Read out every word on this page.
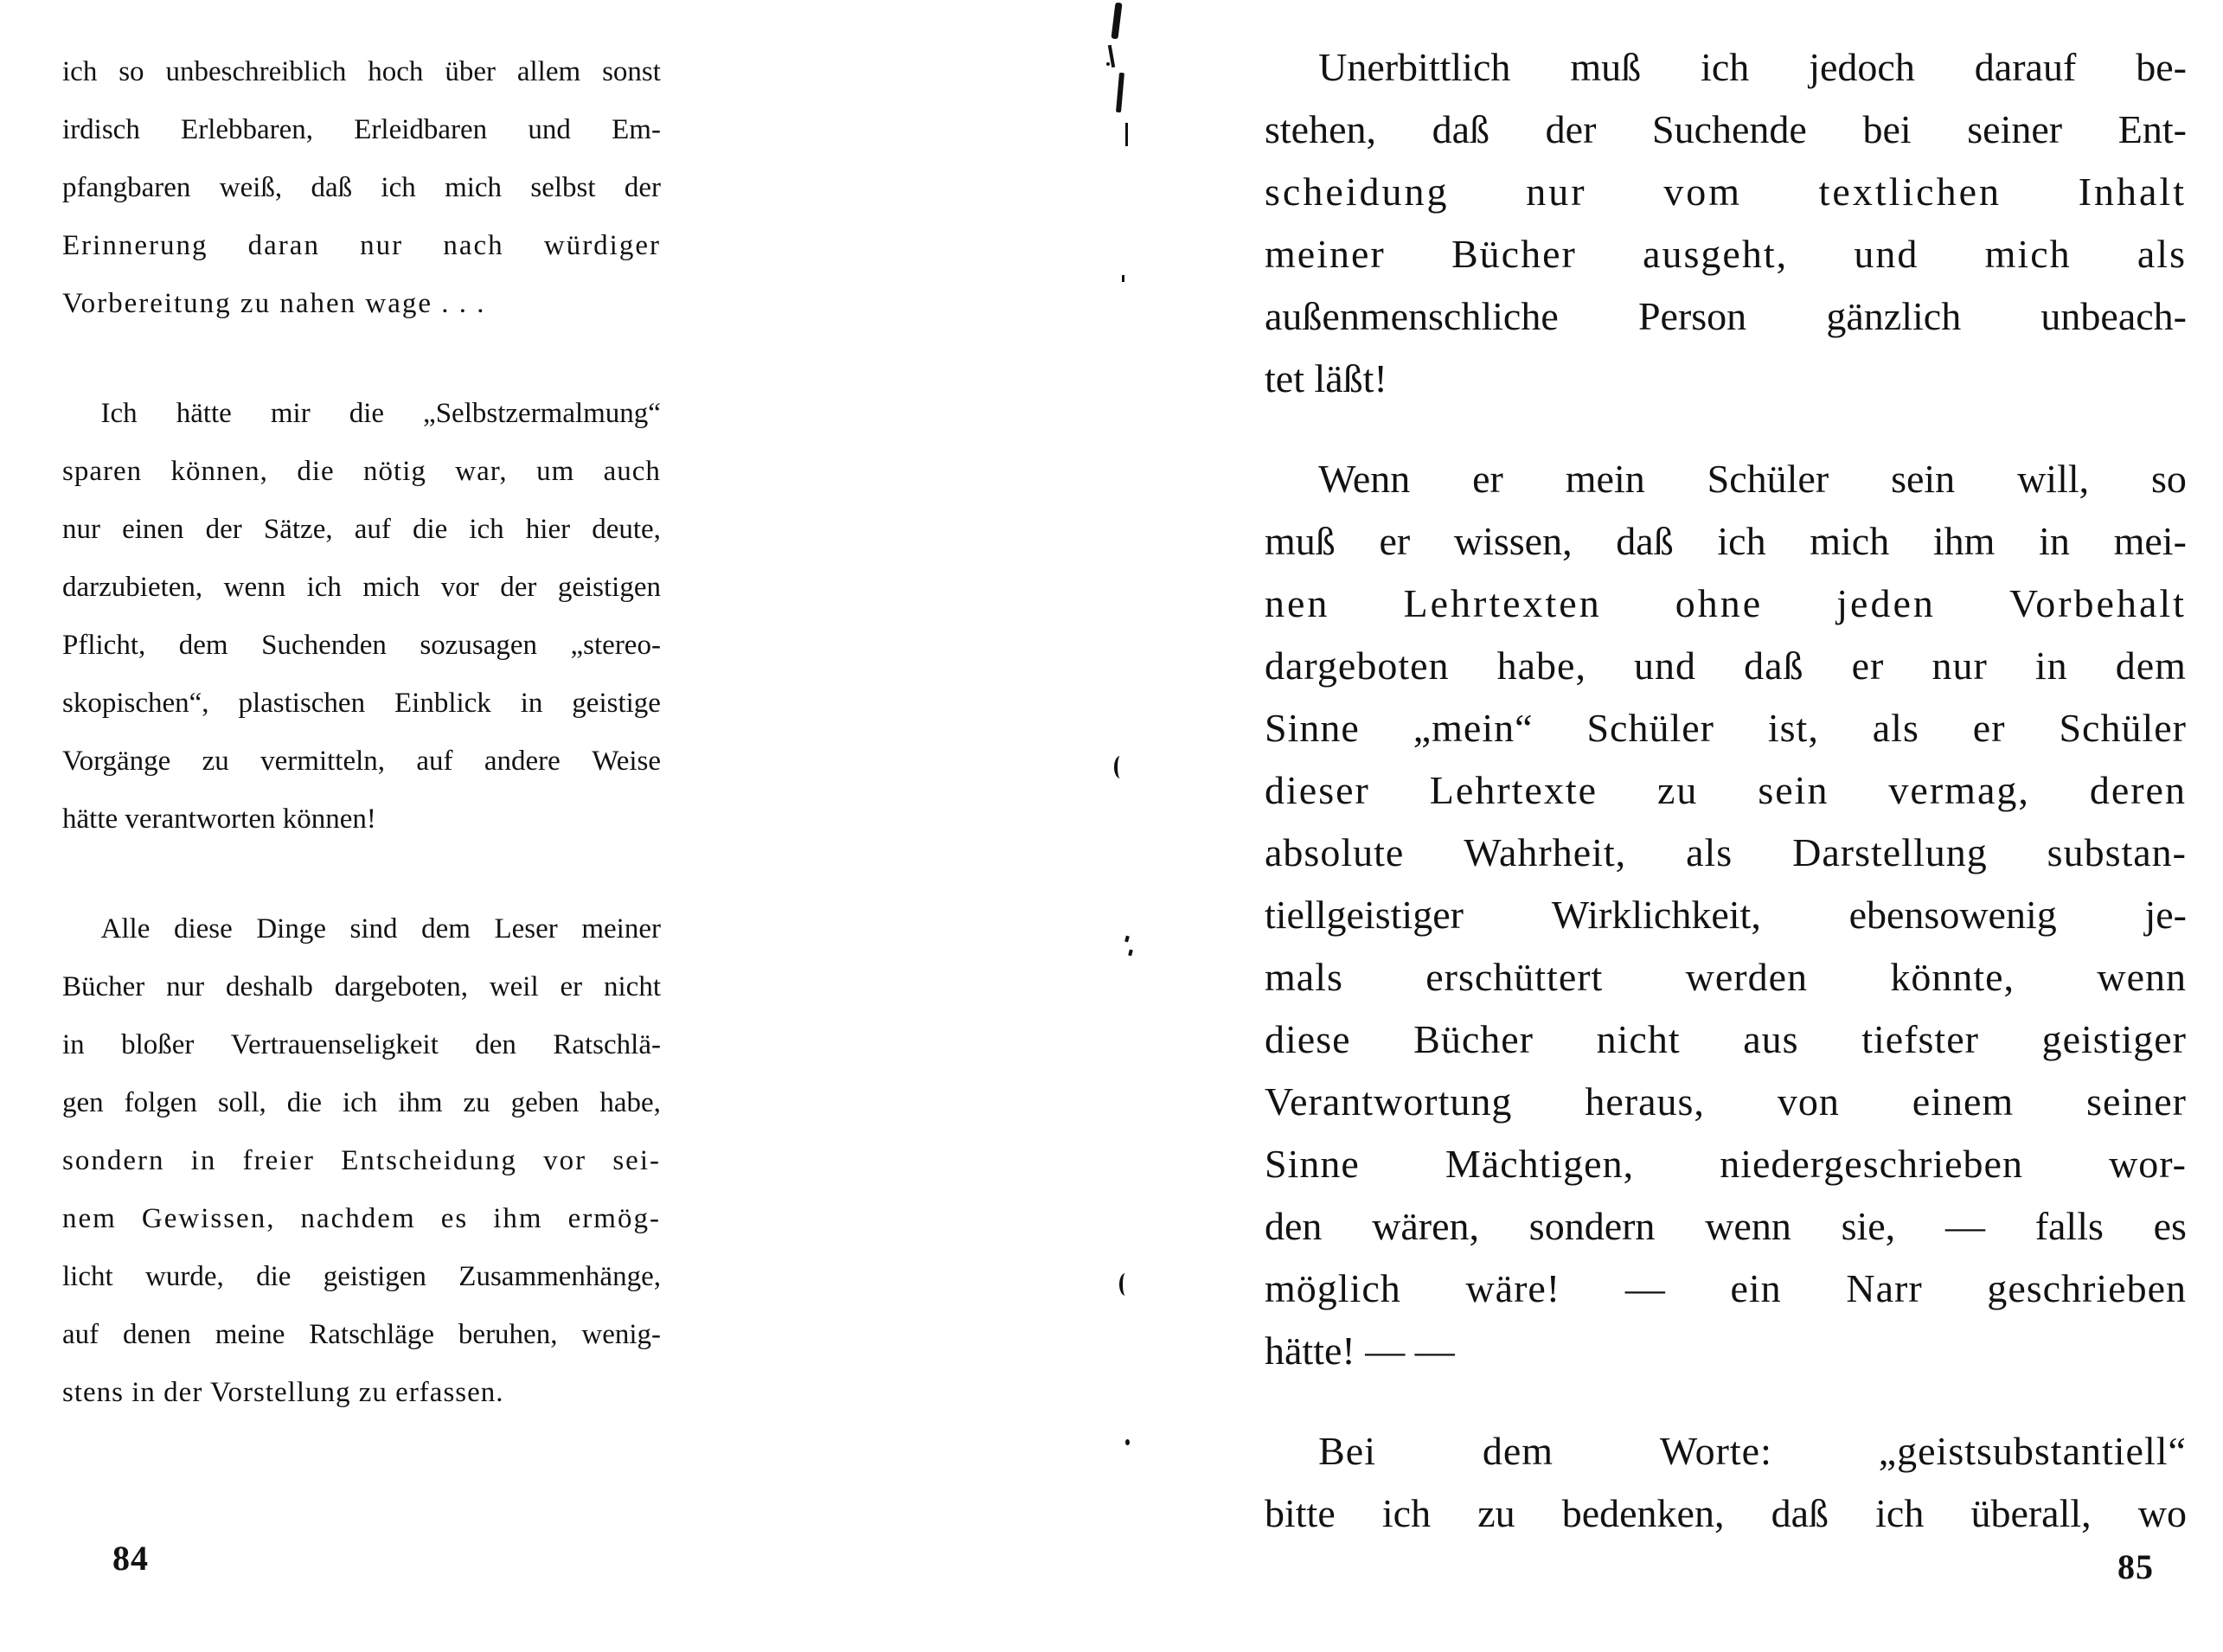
ich so unbeschreiblich hoch über allem sonst
irdisch Erlebbaren, Erleidbaren und Em-
pfangbaren weiß, daß ich mich selbst der
Erinnerung daran nur nach würdiger
Vorbereitung zu nahen wage . . .
Ich hätte mir die „Selbstzermalmung“
sparen können, die nötig war, um auch
nur einen der Sätze, auf die ich hier deute,
darzubieten, wenn ich mich vor der geistigen
Pflicht, dem Suchenden sozusagen „stereo-
skopischen“, plastischen Einblick in geistige
Vorgänge zu vermitteln, auf andere Weise
hätte verantworten können!
Alle diese Dinge sind dem Leser meiner
Bücher nur deshalb dargeboten, weil er nicht
in bloßer Vertrauenseligkeit den Ratschlä-
gen folgen soll, die ich ihm zu geben habe,
sondern in freier Entscheidung vor sei-
nem Gewissen, nachdem es ihm ermög-
licht wurde, die geistigen Zusammenhänge,
auf denen meine Ratschläge beruhen, wenig-
stens in der Vorstellung zu erfassen.
84
Unerbittlich muß ich jedoch darauf be-
stehen, daß der Suchende bei seiner Ent-
scheidung nur vom textlichen Inhalt
meiner Bücher ausgeht, und mich als
außenmenschliche Person gänzlich unbeach-
tet läßt!
Wenn er mein Schüler sein will, so
muß er wissen, daß ich mich ihm in mei-
nen Lehrtexten ohne jeden Vorbehalt
dargeboten habe, und daß er nur in dem
Sinne „mein“ Schüler ist, als er Schüler
dieser Lehrtexte zu sein vermag, deren
absolute Wahrheit, als Darstellung substan-
tiellgeistiger Wirklichkeit, ebensowenig je-
mals erschüttert werden könnte, wenn
diese Bücher nicht aus tiefster geistiger
Verantwortung heraus, von einem seiner
Sinne Mächtigen, niedergeschrieben wor-
den wären, sondern wenn sie, — falls es
möglich wäre! — ein Narr geschrieben
hätte! — —
Bei	dem	Worte:	„geistsubstantiell“
bitte ich zu bedenken, daß ich überall, wo
85
